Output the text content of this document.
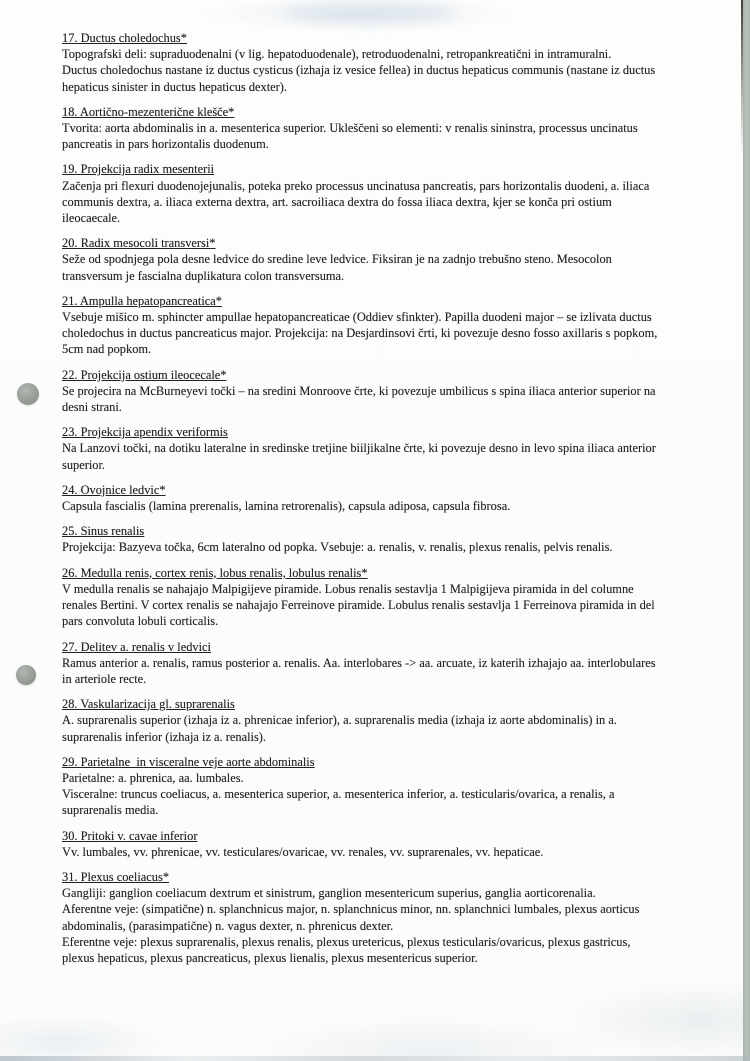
17. Ductus choledochus*
Topografski deli: supraduodenalni (v lig. hepatoduodenale), retroduodenalni, retropankreatični in intramuralni.
Ductus choledochus nastane iz ductus cysticus (izhaja iz vesice fellea) in ductus hepaticus communis (nastane iz ductus
hepaticus sinister in ductus hepaticus dexter).
18. Aortično-mezenterične klešče*
Tvorita: aorta abdominalis in a. mesenterica superior. Ukleščeni so elementi: v renalis sininstra, processus uncinatus
pancreatis in pars horizontalis duodenum.
19. Projekcija radix mesenterii
Začenja pri flexuri duodenojejunalis, poteka preko processus uncinatusa pancreatis, pars horizontalis duodeni, a. iliaca
communis dextra, a. iliaca externa dextra, art. sacroiliaca dextra do fossa iliaca dextra, kjer se konča pri ostium
ileocaecale.
20. Radix mesocoli transversi*
Seže od spodnjega pola desne ledvice do sredine leve ledvice. Fiksiran je na zadnjo trebušno steno. Mesocolon
transversum je fascialna duplikatura colon transversuma.
21. Ampulla hepatopancreatica*
Vsebuje mišico m. sphincter ampullae hepatopancreaticae (Oddiev sfinkter). Papilla duodeni major – se izlivata ductus
choledochus in ductus pancreaticus major. Projekcija: na Desjardinsovi črti, ki povezuje desno fosso axillaris s popkom,
5cm nad popkom.
22. Projekcija ostium ileocecale*
Se projecira na McBurneyevi točki – na sredini Monroove črte, ki povezuje umbilicus s spina iliaca anterior superior na
desni strani.
23. Projekcija apendix veriformis
Na Lanzovi točki, na dotiku lateralne in sredinske tretjine biiljikalne črte, ki povezuje desno in levo spina iliaca anterior
superior.
24. Ovojnice ledvic*
Capsula fascialis (lamina prerenalis, lamina retrorenalis), capsula adiposa, capsula fibrosa.
25. Sinus renalis
Projekcija: Bazyeva točka, 6cm lateralno od popka. Vsebuje: a. renalis, v. renalis, plexus renalis, pelvis renalis.
26. Medulla renis, cortex renis, lobus renalis, lobulus renalis*
V medulla renalis se nahajajo Malpigijeve piramide. Lobus renalis sestavlja 1 Malpigijeva piramida in del columne
renales Bertini. V cortex renalis se nahajajo Ferreinove piramide. Lobulus renalis sestavlja 1 Ferreinova piramida in del
pars convoluta lobuli corticalis.
27. Delitev a. renalis v ledvici
Ramus anterior a. renalis, ramus posterior a. renalis. Aa. interlobares -> aa. arcuate, iz katerih izhajajo aa. interlobulares
in arteriole recte.
28. Vaskularizacija gl. suprarenalis
A. suprarenalis superior (izhaja iz a. phrenicae inferior), a. suprarenalis media (izhaja iz aorte abdominalis) in a.
suprarenalis inferior (izhaja iz a. renalis).
29. Parietalne  in visceralne veje aorte abdominalis
Parietalne: a. phrenica, aa. lumbales.
Visceralne: truncus coeliacus, a. mesenterica superior, a. mesenterica inferior, a. testicularis/ovarica, a renalis, a
suprarenalis media.
30. Pritoki v. cavae inferior
Vv. lumbales, vv. phrenicae, vv. testiculares/ovaricae, vv. renales, vv. suprarenales, vv. hepaticae.
31. Plexus coeliacus*
Gangliji: ganglion coeliacum dextrum et sinistrum, ganglion mesentericum superius, ganglia aorticorenalia.
Aferentne veje: (simpatične) n. splanchnicus major, n. splanchnicus minor, nn. splanchnici lumbales, plexus aorticus
abdominalis, (parasimpatične) n. vagus dexter, n. phrenicus dexter.
Eferentne veje: plexus suprarenalis, plexus renalis, plexus uretericus, plexus testicularis/ovaricus, plexus gastricus,
plexus hepaticus, plexus pancreaticus, plexus lienalis, plexus mesentericus superior.
